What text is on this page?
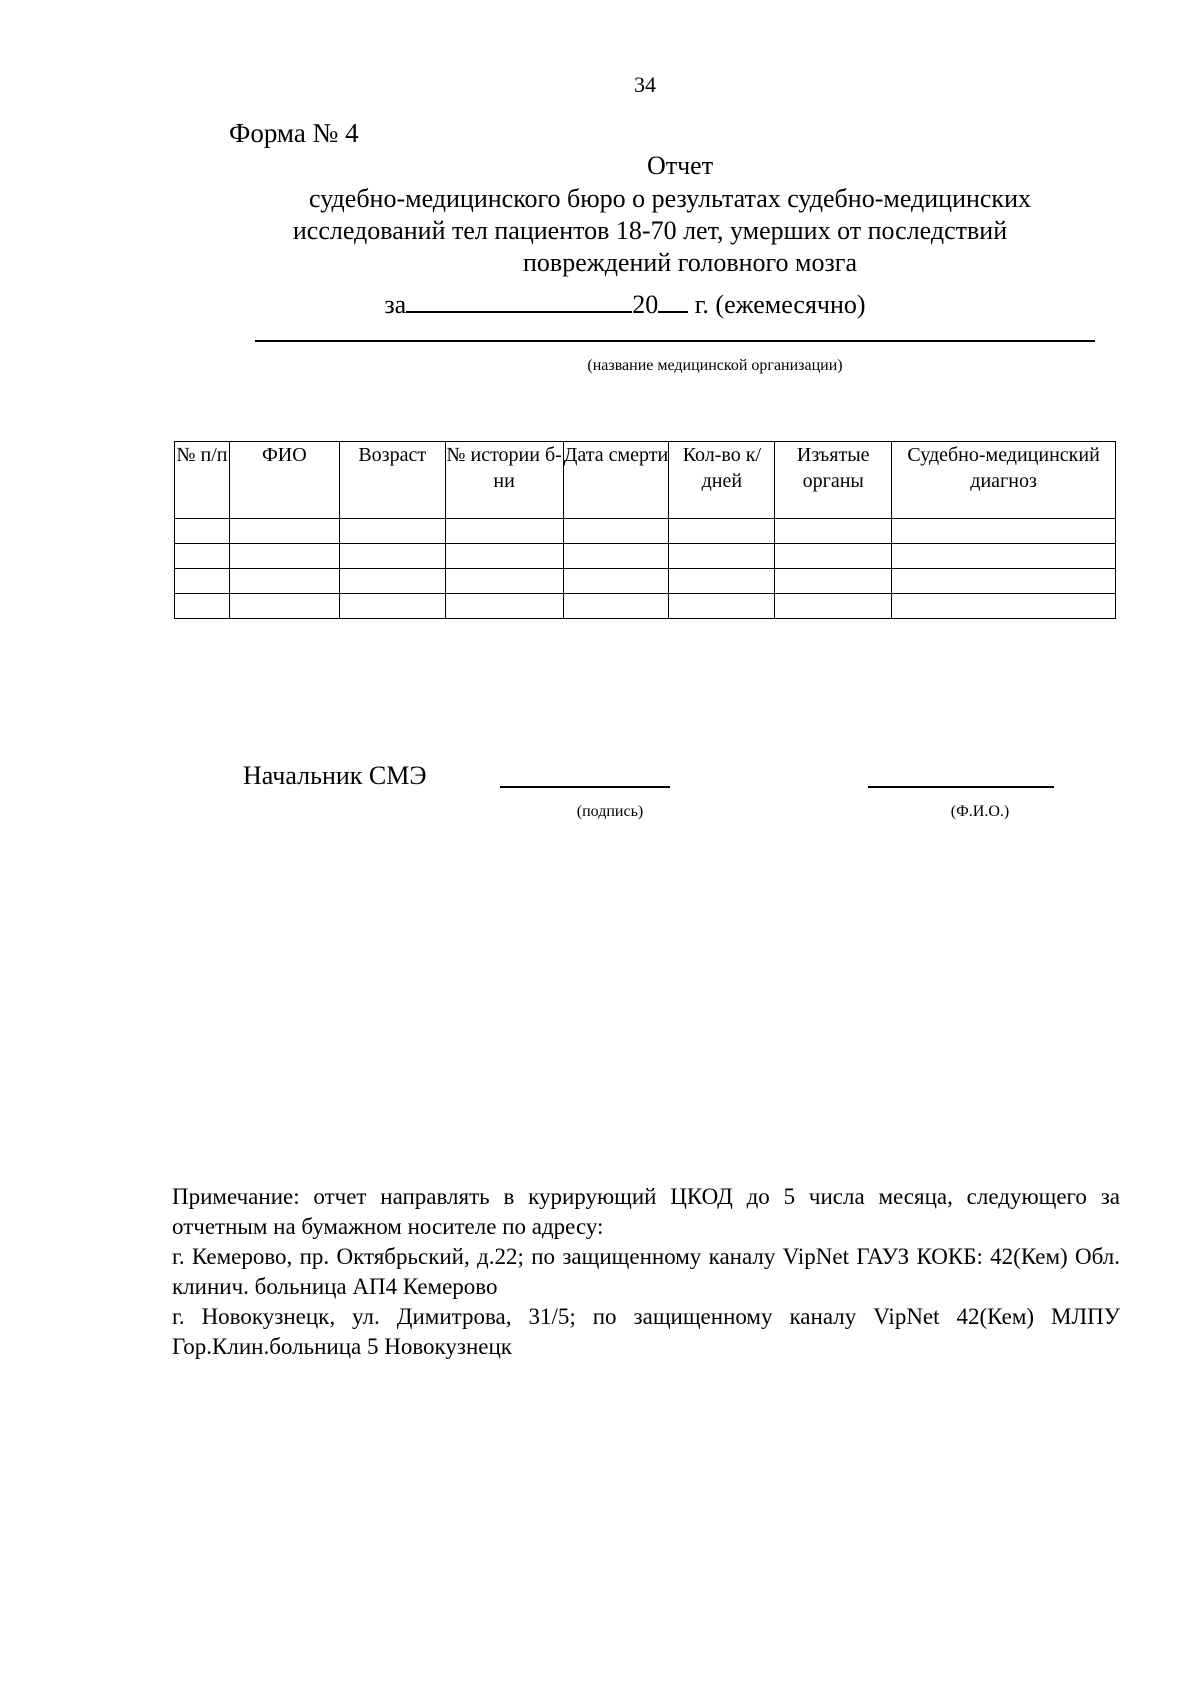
34
Форма № 4
Отчет
судебно-медицинского бюро о результатах судебно-медицинских
исследований тел пациентов 18-70 лет, умерших от последствий
повреждений головного мозга
за	20 г. (ежемесячно)
(название медицинской организации)
№ п/п	ФИО	Возраст	№ истории б-ни	Дата смерти	Кол-во к/дней	Изъятые органы	Судебно-медицинский диагноз

Начальник СМЭ
(подпись)	(Ф.И.О.)

Примечание: отчет направлять в курирующий ЦКОД до 5 числа месяца, следующего за отчетным на бумажном носителе по адресу:

г. Кемерово, пр. Октябрьский, д.22; по защищенному каналу VipNet ГАУЗ КОКБ: 42(Кем) Обл. клинич. больница АП4 Кемерово

г. Новокузнецк, ул. Димитрова, 31/5; по защищенному каналу VipNet 42(Кем) МЛПУ Гор.Клин.больница 5 Новокузнецк
